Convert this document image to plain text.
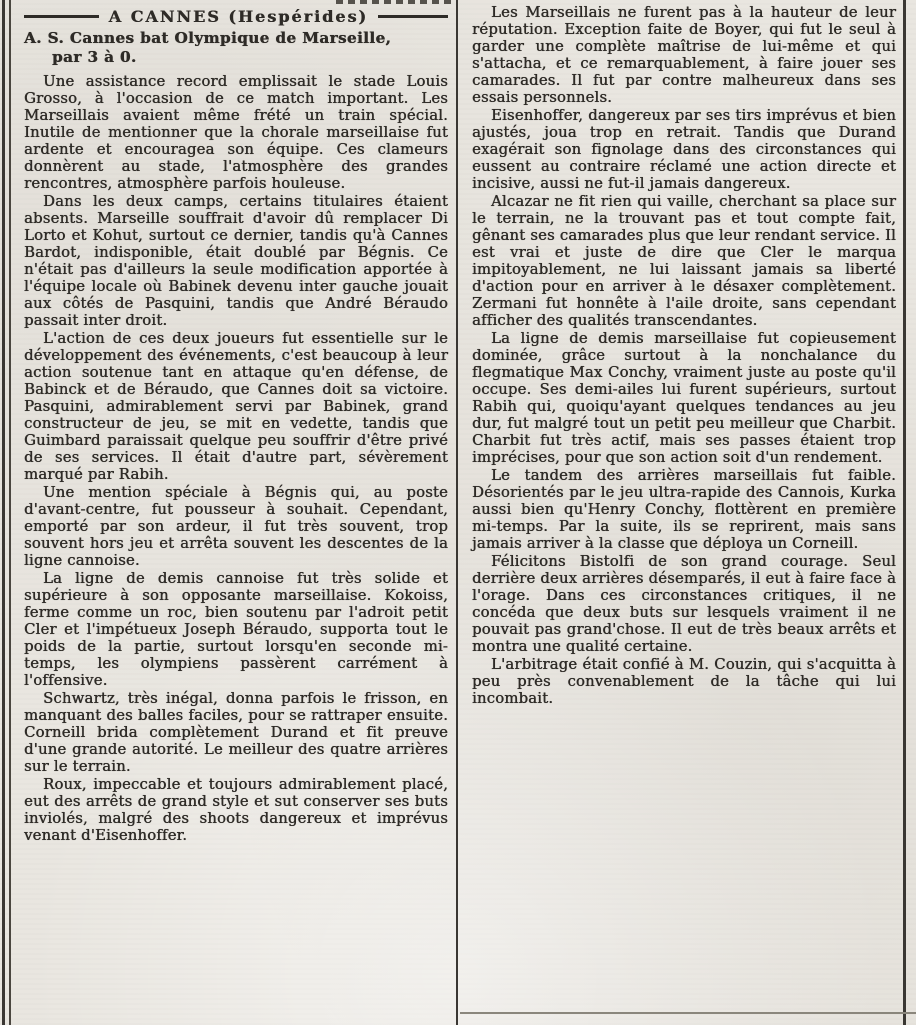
A CANNES (Hespérides)
A. S. Cannes bat Olympique de Marseille,
par 3 à 0.

Une assistance record emplissait le stade Louis Grosso, à l'occasion de ce match important. Les Marseillais avaient même frété un train spécial. Inutile de mentionner que la chorale marseillaise fut ardente et encouragea son équipe. Ces clameurs donnèrent au stade, l'atmosphère des grandes rencontres, atmosphère parfois houleuse.

Dans les deux camps, certains titulaires étaient absents. Marseille souffrait d'avoir dû remplacer Di Lorto et Kohut, surtout ce dernier, tandis qu'à Cannes Bardot, indisponible, était doublé par Bégnis. Ce n'était pas d'ailleurs la seule modification apportée à l'équipe locale où Babinek devenu inter gauche jouait aux côtés de Pasquini, tandis que André Béraudo passait inter droit.

L'action de ces deux joueurs fut essentielle sur le développement des événements, c'est beaucoup à leur action soutenue tant en attaque qu'en défense, de Babinck et de Béraudo, que Cannes doit sa victoire. Pasquini, admirablement servi par Babinek, grand constructeur de jeu, se mit en vedette, tandis que Guimbard paraissait quelque peu souffrir d'être privé de ses services. Il était d'autre part, sévèrement marqué par Rabih.

Une mention spéciale à Bégnis qui, au poste d'avant-centre, fut pousseur à souhait. Cependant, emporté par son ardeur, il fut très souvent, trop souvent hors jeu et arrêta souvent les descentes de la ligne cannoise.

La ligne de demis cannoise fut très solide et supérieure à son opposante marseillaise. Kokoiss, ferme comme un roc, bien soutenu par l'adroit petit Cler et l'impétueux Joseph Béraudo, supporta tout le poids de la partie, surtout lorsqu'en seconde mi-temps, les olympiens passèrent carrément à l'offensive.

Schwartz, très inégal, donna parfois le frisson, en manquant des balles faciles, pour se rattraper ensuite. Corneill brida complètement Durand et fit preuve d'une grande autorité. Le meilleur des quatre arrières sur le terrain.

Roux, impeccable et toujours admirablement placé, eut des arrêts de grand style et sut conserver ses buts inviolés, malgré des shoots dangereux et imprévus venant d'Eisenhoffer.

Les Marseillais ne furent pas à la hauteur de leur réputation. Exception faite de Boyer, qui fut le seul à garder une complète maîtrise de lui-même et qui s'attacha, et ce remarquablement, à faire jouer ses camarades. Il fut par contre malheureux dans ses essais personnels.

Eisenhoffer, dangereux par ses tirs imprévus et bien ajustés, joua trop en retrait. Tandis que Durand exagérait son fignolage dans des circonstances qui eussent au contraire réclamé une action directe et incisive, aussi ne fut-il jamais dangereux.

Alcazar ne fit rien qui vaille, cherchant sa place sur le terrain, ne la trouvant pas et tout compte fait, gênant ses camarades plus que leur rendant service. Il est vrai et juste de dire que Cler le marqua impitoyablement, ne lui laissant jamais sa liberté d'action pour en arriver à le désaxer complètement. Zermani fut honnête à l'aile droite, sans cependant afficher des qualités transcendantes.

La ligne de demis marseillaise fut copieusement dominée, grâce surtout à la nonchalance du flegmatique Max Conchy, vraiment juste au poste qu'il occupe. Ses demi-ailes lui furent supérieurs, surtout Rabih qui, quoiqu'ayant quelques tendances au jeu dur, fut malgré tout un petit peu meilleur que Charbit. Charbit fut très actif, mais ses passes étaient trop imprécises, pour que son action soit d'un rendement.

Le tandem des arrières marseillais fut faible. Désorientés par le jeu ultra-rapide des Cannois, Kurka aussi bien qu'Henry Conchy, flottèrent en première mi-temps. Par la suite, ils se reprirent, mais sans jamais arriver à la classe que déploya un Corneill.

Félicitons Bistolfi de son grand courage. Seul derrière deux arrières désemparés, il eut à faire face à l'orage. Dans ces circonstances critiques, il ne concéda que deux buts sur lesquels vraiment il ne pouvait pas grand'chose. Il eut de très beaux arrêts et montra une qualité certaine.

L'arbitrage était confié à M. Couzin, qui s'acquitta à peu près convenablement de la tâche qui lui incombait.
